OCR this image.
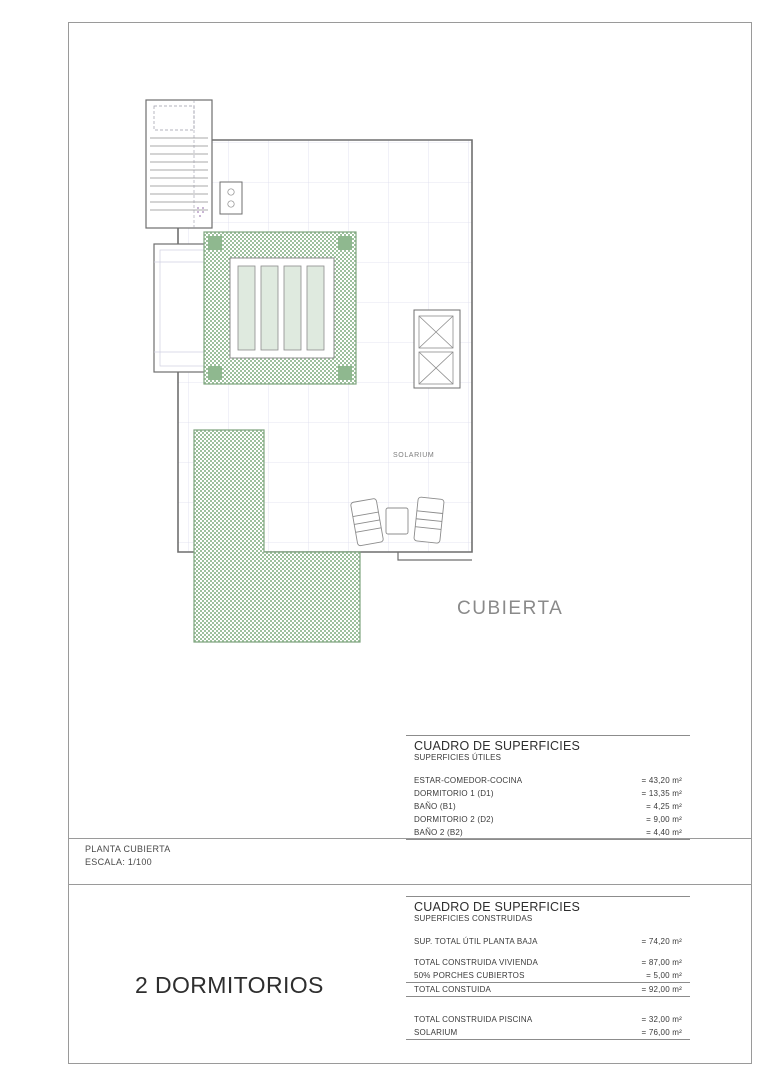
SOLARIUM
CUBIERTA
CUADRO DE SUPERFICIES
SUPERFICIES ÚTILES
ESTAR-COMEDOR-COCINA	= 43,20 m²
DORMITORIO 1 (D1)	= 13,35 m²
BAÑO (B1)	= 4,25 m²
DORMITORIO 2 (D2)	= 9,00 m²
BAÑO 2 (B2)	= 4,40 m²
PLANTA CUBIERTA
ESCALA: 1/100
2 DORMITORIOS
CUADRO DE SUPERFICIES
SUPERFICIES CONSTRUIDAS
SUP. TOTAL ÚTIL PLANTA BAJA	= 74,20 m²
TOTAL CONSTRUIDA VIVIENDA	= 87,00 m²
50% PORCHES CUBIERTOS	= 5,00 m²
TOTAL CONSTUIDA	= 92,00 m²
TOTAL CONSTRUIDA PISCINA	= 32,00 m²
SOLARIUM	= 76,00 m²
